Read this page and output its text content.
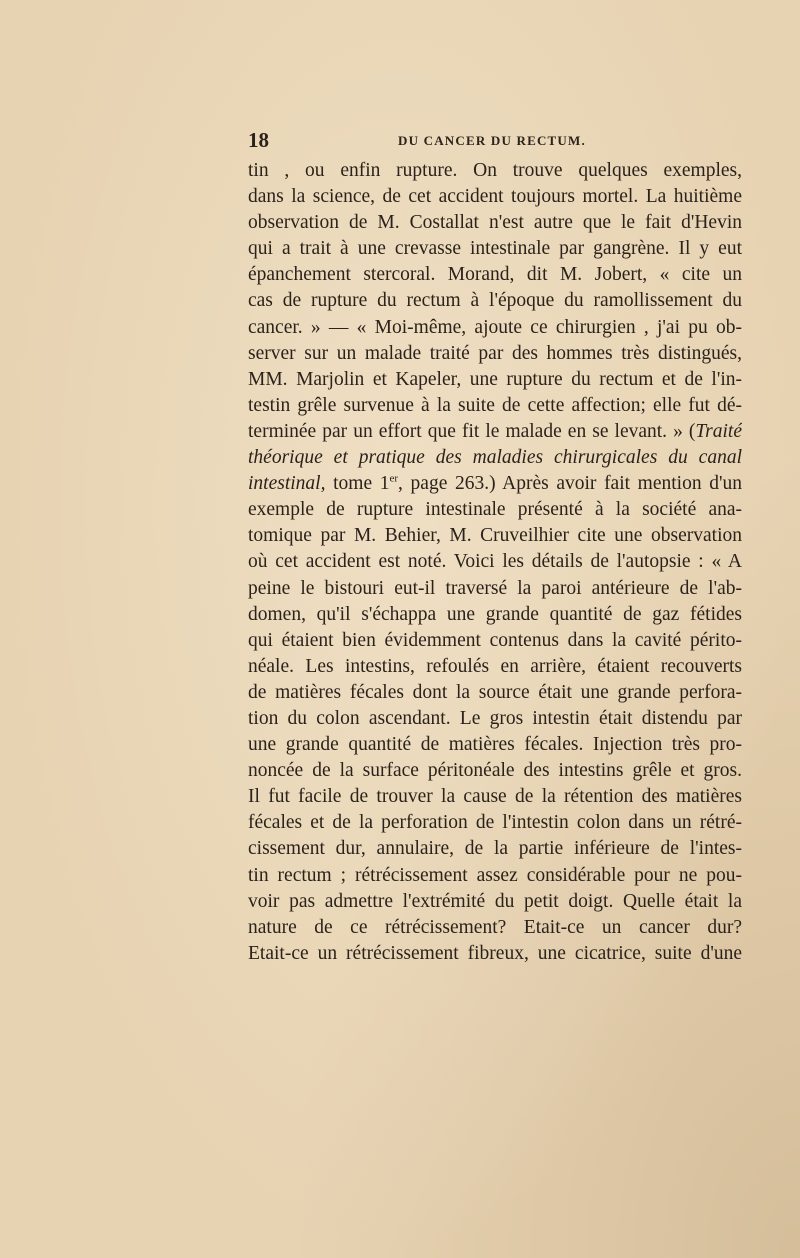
18	DU CANCER DU RECTUM.
tin , ou enfin rupture. On trouve quelques exemples,
dans la science, de cet accident toujours mortel. La huitième
observation de M. Costallat n'est autre que le fait d'Hevin
qui a trait à une crevasse intestinale par gangrène. Il y eut
épanchement stercoral. Morand, dit M. Jobert, « cite un
cas de rupture du rectum à l'époque du ramollissement du
cancer. » — « Moi-même, ajoute ce chirurgien , j'ai pu ob-
server sur un malade traité par des hommes très distingués,
MM. Marjolin et Kapeler, une rupture du rectum et de l'in-
testin grêle survenue à la suite de cette affection; elle fut dé-
terminée par un effort que fit le malade en se levant. » (Traité
théorique et pratique des maladies chirurgicales du canal
intestinal, tome 1er, page 263.) Après avoir fait mention d'un
exemple de rupture intestinale présenté à la société ana-
tomique par M. Behier, M. Cruveilhier cite une observation
où cet accident est noté. Voici les détails de l'autopsie : « A
peine le bistouri eut-il traversé la paroi antérieure de l'ab-
domen, qu'il s'échappa une grande quantité de gaz fétides
qui étaient bien évidemment contenus dans la cavité périto-
néale. Les intestins, refoulés en arrière, étaient recouverts
de matières fécales dont la source était une grande perfora-
tion du colon ascendant. Le gros intestin était distendu par
une grande quantité de matières fécales. Injection très pro-
noncée de la surface péritonéale des intestins grêle et gros.
Il fut facile de trouver la cause de la rétention des matières
fécales et de la perforation de l'intestin colon dans un rétré-
cissement dur, annulaire, de la partie inférieure de l'intes-
tin rectum ; rétrécissement assez considérable pour ne pou-
voir pas admettre l'extrémité du petit doigt. Quelle était la
nature de ce rétrécissement? Etait-ce un cancer dur?
Etait-ce un rétrécissement fibreux, une cicatrice, suite d'une
